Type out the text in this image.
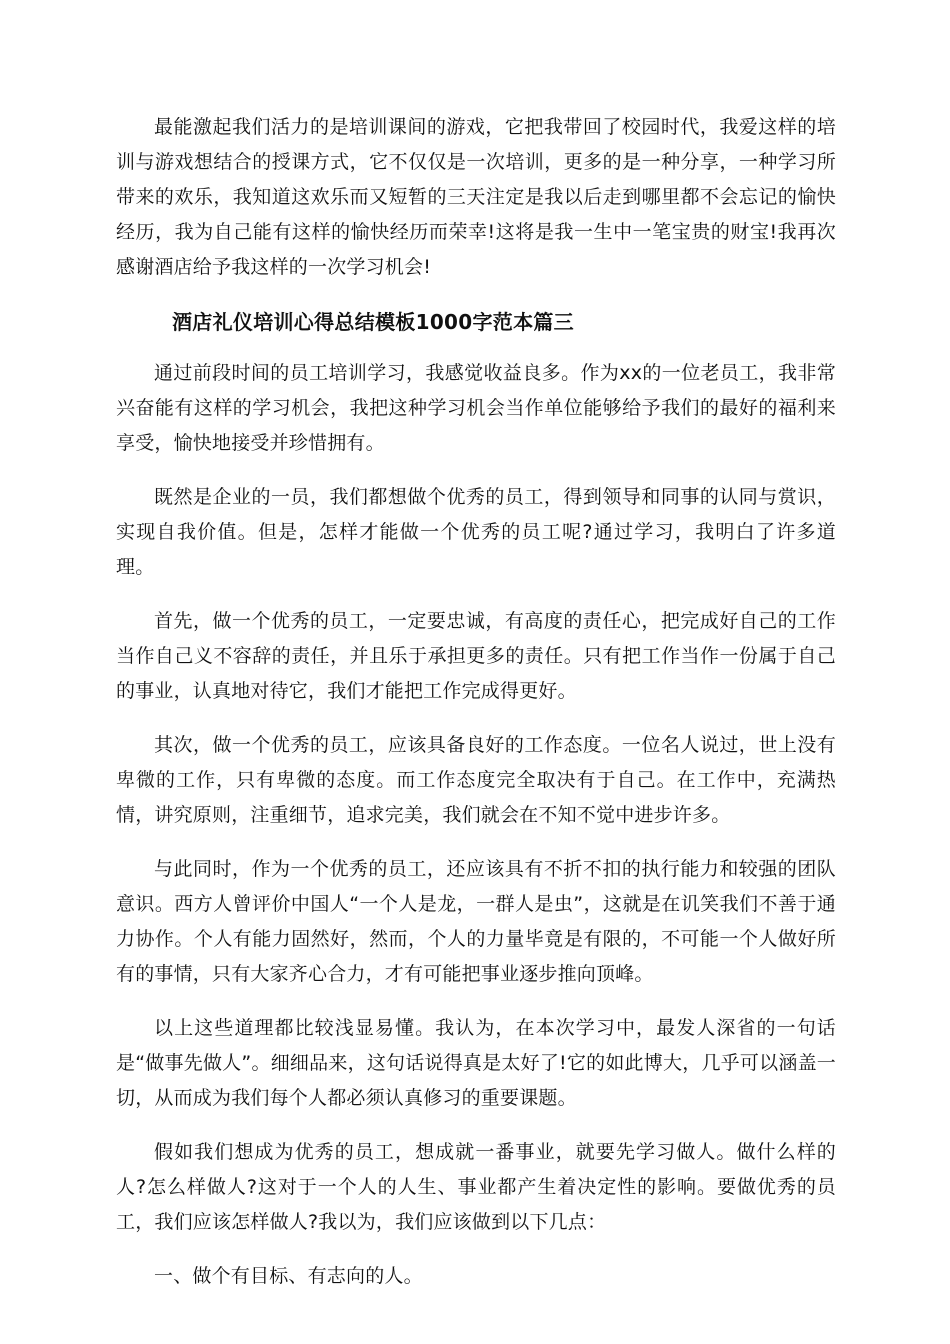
最能激起我们活力的是培训课间的游戏，它把我带回了校园时代，我爱这样的培训与游戏想结合的授课方式，它不仅仅是一次培训，更多的是一种分享，一种学习所带来的欢乐，我知道这欢乐而又短暂的三天注定是我以后走到哪里都不会忘记的愉快经历，我为自己能有这样的愉快经历而荣幸!这将是我一生中一笔宝贵的财宝!我再次感谢酒店给予我这样的一次学习机会!

酒店礼仪培训心得总结模板1000字范本篇三

通过前段时间的员工培训学习，我感觉收益良多。作为xx的一位老员工，我非常兴奋能有这样的学习机会，我把这种学习机会当作单位能够给予我们的最好的福利来享受，愉快地接受并珍惜拥有。

既然是企业的一员，我们都想做个优秀的员工，得到领导和同事的认同与赏识，实现自我价值。但是，怎样才能做一个优秀的员工呢?通过学习，我明白了许多道理。

首先，做一个优秀的员工，一定要忠诚，有高度的责任心，把完成好自己的工作当作自己义不容辞的责任，并且乐于承担更多的责任。只有把工作当作一份属于自己的事业，认真地对待它，我们才能把工作完成得更好。

其次，做一个优秀的员工，应该具备良好的工作态度。一位名人说过，世上没有卑微的工作，只有卑微的态度。而工作态度完全取决有于自己。在工作中，充满热情，讲究原则，注重细节，追求完美，我们就会在不知不觉中进步许多。

与此同时，作为一个优秀的员工，还应该具有不折不扣的执行能力和较强的团队意识。西方人曾评价中国人“一个人是龙，一群人是虫”，这就是在讥笑我们不善于通力协作。个人有能力固然好，然而，个人的力量毕竟是有限的，不可能一个人做好所有的事情，只有大家齐心合力，才有可能把事业逐步推向顶峰。

以上这些道理都比较浅显易懂。我认为，在本次学习中，最发人深省的一句话是“做事先做人”。细细品来，这句话说得真是太好了!它的如此博大，几乎可以涵盖一切，从而成为我们每个人都必须认真修习的重要课题。

假如我们想成为优秀的员工，想成就一番事业，就要先学习做人。做什么样的人?怎么样做人?这对于一个人的人生、事业都产生着决定性的影响。要做优秀的员工，我们应该怎样做人?我以为，我们应该做到以下几点：

一、做个有目标、有志向的人。
